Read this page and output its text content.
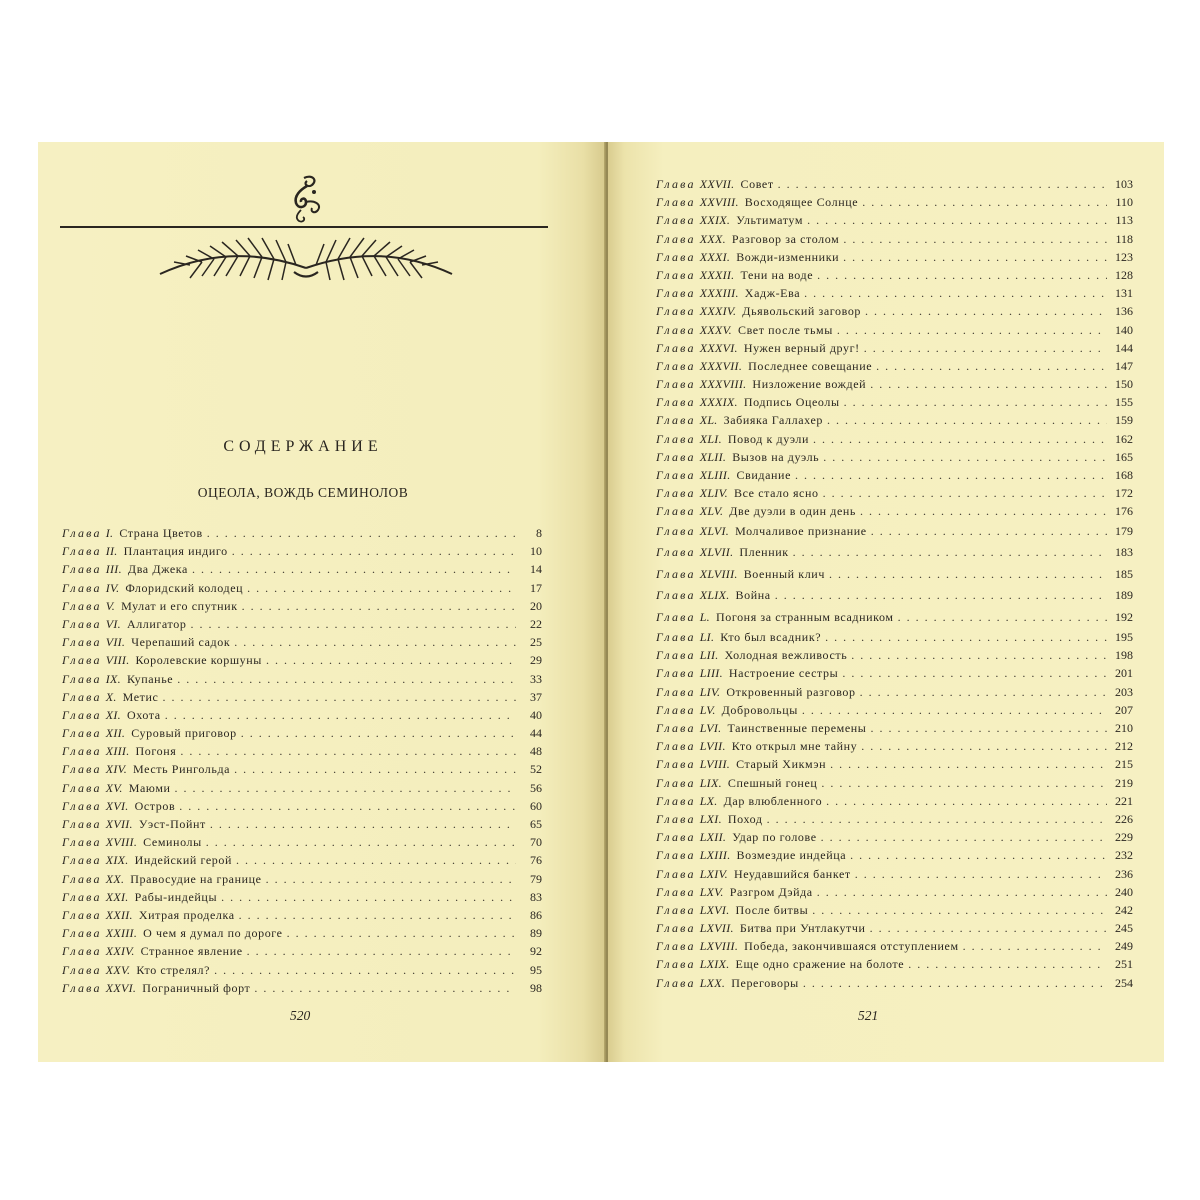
СОДЕРЖАНИЕ
ОЦЕОЛА, ВОЖДЬ СЕМИНОЛОВ
Глава I. Страна Цветов . . .	8
Глава II. Плантация индиго . . .	10
Глава III. Два Джека . . .	14
Глава IV. Флоридский колодец . . .	17
Глава V. Мулат и его спутник . . .	20
Глава VI. Аллигатор . . .	22
Глава VII. Черепаший садок . . .	25
Глава VIII. Королевские коршуны . . .	29
Глава IX. Купанье . . .	33
Глава X. Метис . . .	37
Глава XI. Охота . . .	40
Глава XII. Суровый приговор . . .	44
Глава XIII. Погоня . . .	48
Глава XIV. Месть Рингольда . . .	52
Глава XV. Маюми . . .	56
Глава XVI. Остров . . .	60
Глава XVII. Уэст-Пойнт . . .	65
Глава XVIII. Семинолы . . .	70
Глава XIX. Индейский герой . . .	76
Глава XX. Правосудие на границе . . .	79
Глава XXI. Рабы-индейцы . . .	83
Глава XXII. Хитрая проделка . . .	86
Глава XXIII. О чем я думал по дороге . . .	89
Глава XXIV. Странное явление . . .	92
Глава XXV. Кто стрелял? . . .	95
Глава XXVI. Пограничный форт . . .	98
520
Глава XXVII. Совет . . .	103
Глава XXVIII. Восходящее Солнце . . .	110
Глава XXIX. Ультиматум . . .	113
Глава XXX. Разговор за столом . . .	118
Глава XXXI. Вожди-изменники . . .	123
Глава XXXII. Тени на воде . . .	128
Глава XXXIII. Хадж-Ева . . .	131
Глава XXXIV. Дьявольский заговор . . .	136
Глава XXXV. Свет после тьмы . . .	140
Глава XXXVI. Нужен верный друг! . . .	144
Глава XXXVII. Последнее совещание . . .	147
Глава XXXVIII. Низложение вождей . . .	150
Глава XXXIX. Подпись Оцеолы . . .	155
Глава XL. Забияка Галлахер . . .	159
Глава XLI. Повод к дуэли . . .	162
Глава XLII. Вызов на дуэль . . .	165
Глава XLIII. Свидание . . .	168
Глава XLIV. Все стало ясно . . .	172
Глава XLV. Две дуэли в один день . . .	176
Глава XLVI. Молчаливое признание . . .	179
Глава XLVII. Пленник . . .	183
Глава XLVIII. Военный клич . . .	185
Глава XLIX. Война . . .	189
Глава L. Погоня за странным всадником . . .	192
Глава LI. Кто был всадник? . . .	195
Глава LII. Холодная вежливость . . .	198
Глава LIII. Настроение сестры . . .	201
Глава LIV. Откровенный разговор . . .	203
Глава LV. Добровольцы . . .	207
Глава LVI. Таинственные перемены . . .	210
Глава LVII. Кто открыл мне тайну . . .	212
Глава LVIII. Старый Хикмэн . . .	215
Глава LIX. Спешный гонец . . .	219
Глава LX. Дар влюбленного . . .	221
Глава LXI. Поход . . .	226
Глава LXII. Удар по голове . . .	229
Глава LXIII. Возмездие индейца . . .	232
Глава LXIV. Неудавшийся банкет . . .	236
Глава LXV. Разгром Дэйда . . .	240
Глава LXVI. После битвы . . .	242
Глава LXVII. Битва при Унтлакутчи . . .	245
Глава LXVIII. Победа, закончившаяся отступлением . . .	249
Глава LXIX. Еще одно сражение на болоте . . .	251
Глава LXX. Переговоры . . .	254
521
